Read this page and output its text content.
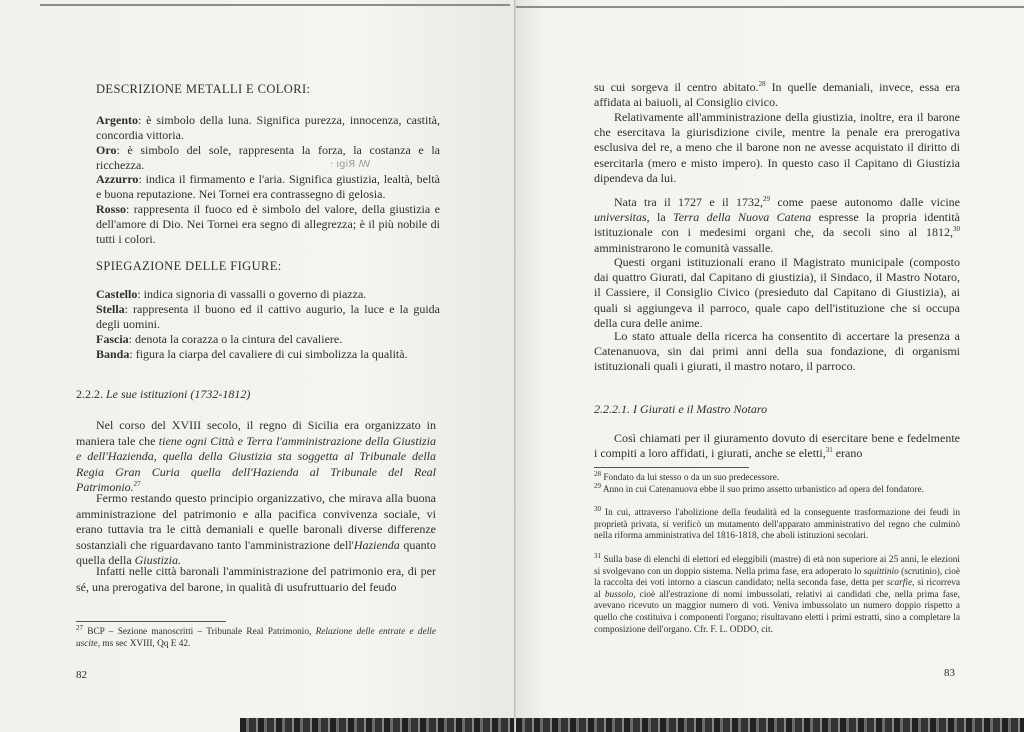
DESCRIZIONE METALLI E COLORI:

Argento: è simbolo della luna. Significa purezza, innocenza, castità, concordia vittoria.

Oro: è simbolo del sole, rappresenta la forza, la costanza e la ricchezza.	· ıgiЯ ꟿ

Azzurro: indica il firmamento e l'aria. Significa giustizia, lealtà, beltà e buona reputazione. Nei Tornei era contrassegno di gelosia.

Rosso: rappresenta il fuoco ed è simbolo del valore, della giustizia e dell'amore di Dio. Nei Tornei era segno di allegrezza; è il più nobile di tutti i colori.

SPIEGAZIONE DELLE FIGURE:

Castello: indica signoria di vassalli o governo di piazza.

Stella: rappresenta il buono ed il cattivo augurio, la luce e la guida degli uomini.

Fascia: denota la corazza o la cintura del cavaliere.

Banda: figura la ciarpa del cavaliere di cui simbolizza la qualità.

2.2.2. Le sue istituzioni (1732-1812)

Nel corso del XVIII secolo, il regno di Sicilia era organizzato in maniera tale che tiene ogni Città e Terra l'amministrazione della Giustizia e dell'Hazienda, quella della Giustizia sta soggetta al Tribunale della Regia Gran Curia quella dell'Hazienda al Tribunale del Real Patrimonio.$^{27}$

Fermo restando questo principio organizzativo, che mirava alla buona amministrazione del patrimonio e alla pacifica convivenza sociale, vi erano tuttavia tra le città demaniali e quelle baronali diverse differenze sostanziali che riguardavano tanto l'amministrazione dell'Hazienda quanto quella della Giustizia.

Infatti nelle città baronali l'amministrazione del patrimonio era, di per sé, una prerogativa del barone, in qualità di usufruttuario del feudo

$^{27}$ BCP – Sezione manoscritti – Tribunale Real Patrimonio, Relazione delle entrate e delle uscite, ms sec XVIII, Qq E 42.

82

su cui sorgeva il centro abitato.$^{28}$ In quelle demaniali, invece, essa era affidata ai baiuoli, al Consiglio civico.

Relativamente all'amministrazione della giustizia, inoltre, era il barone che esercitava la giurisdizione civile, mentre la penale era prerogativa esclusiva del re, a meno che il barone non ne avesse acquistato il diritto di esercitarla (mero e misto impero). In questo caso il Capitano di Giustizia dipendeva da lui.

Nata tra il 1727 e il 1732,29 come paese autonomo dalle vicine universitas, la Terra della Nuova Catena espresse la propria identità istituzionale con i medesimi organi che, da secoli sino al 1812,30 amministrarono le comunità vassalle.

Questi organi istituzionali erano il Magistrato municipale (composto dai quattro Giurati, dal Capitano di giustizia), il Sindaco, il Mastro Notaro, il Cassiere, il Consiglio Civico (presieduto dal Capitano di Giustizia), ai quali si aggiungeva il parroco, quale capo dell'istituzione che si occupa della cura delle anime.

Lo stato attuale della ricerca ha consentito di accertare la presenza a Catenanuova, sin dai primi anni della sua fondazione, di organismi istituzionali quali i giurati, il mastro notaro, il parroco.

2.2.2.1. I Giurati e il Mastro Notaro

Così chiamati per il giuramento dovuto di esercitare bene e fedelmente i compiti a loro affidati, i giurati, anche se eletti,$^{31}$ erano

$^{28}$ Fondato da lui stesso o da un suo predecessore.

$^{29}$ Anno in cui Catenanuova ebbe il suo primo assetto urbanistico ad opera del fondatore.

$^{30}$ In cui, attraverso l'abolizione della feudalità ed la conseguente trasformazione dei feudi in proprietà privata, si verificò un mutamento dell'apparato amministrativo del regno che culminò nella riforma amministrativa del 1816-1818, che abolì istituzioni secolari.

$^{31}$ Sulla base di elenchi di elettori ed eleggibili (mastre) di età non superiore ai 25 anni, le elezioni si svolgevano con un doppio sistema. Nella prima fase, era adoperato lo squittinio (scrutinio), cioè la raccolta dei voti intorno a ciascun candidato; nella seconda fase, detta per scarfìe, si ricorreva al bussolo, cioè all'estrazione di nomi imbussolati, relativi ai candidati che, nella prima fase, avevano ricevuto un maggior numero di voti. Veniva imbussolato un numero doppio rispetto a quello che costituiva i componenti l'organo; risultavano eletti i primi estratti, sino a completare la composizione dell'organo. Cfr. F. L. ODDO, cit.

83
